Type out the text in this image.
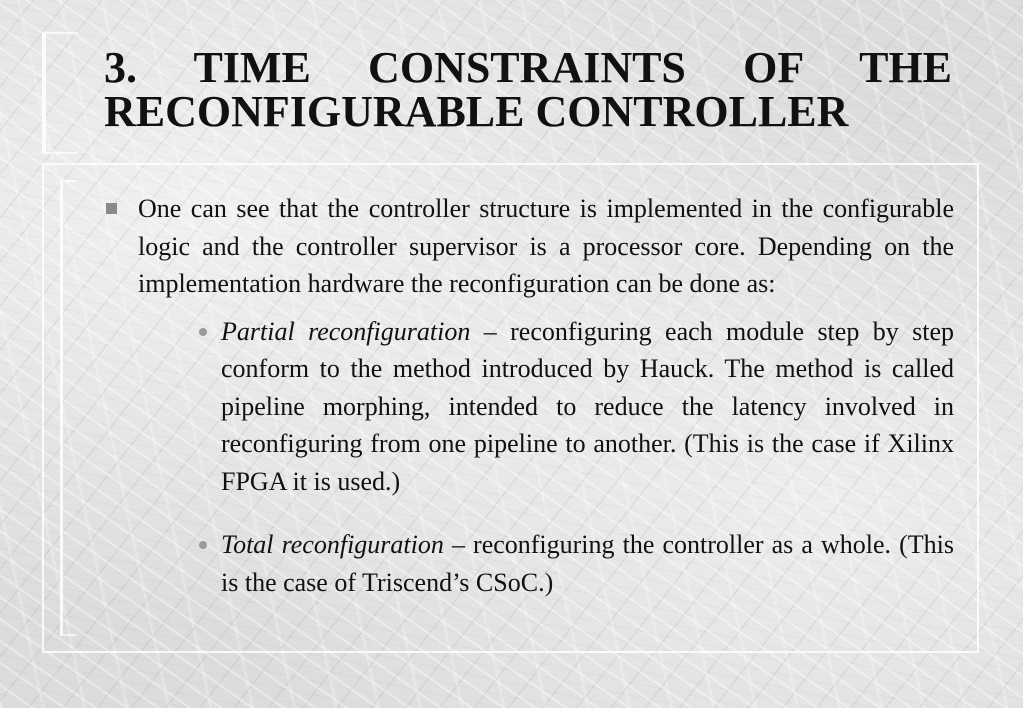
3. TIME CONSTRAINTS OF THE
RECONFIGURABLE CONTROLLER

One can see that the controller structure is implemented in the configurable logic and the controller supervisor is a processor core. Depending on the implementation hardware the reconfiguration can be done as:

Partial reconfiguration – reconfiguring each module step by step conform to the method introduced by Hauck. The method is called pipeline morphing, intended to reduce the latency involved in reconfiguring from one pipeline to another. (This is the case if Xilinx FPGA it is used.)

Total reconfiguration – reconfiguring the controller as a whole. (This is the case of Triscend’s CSoC.)
